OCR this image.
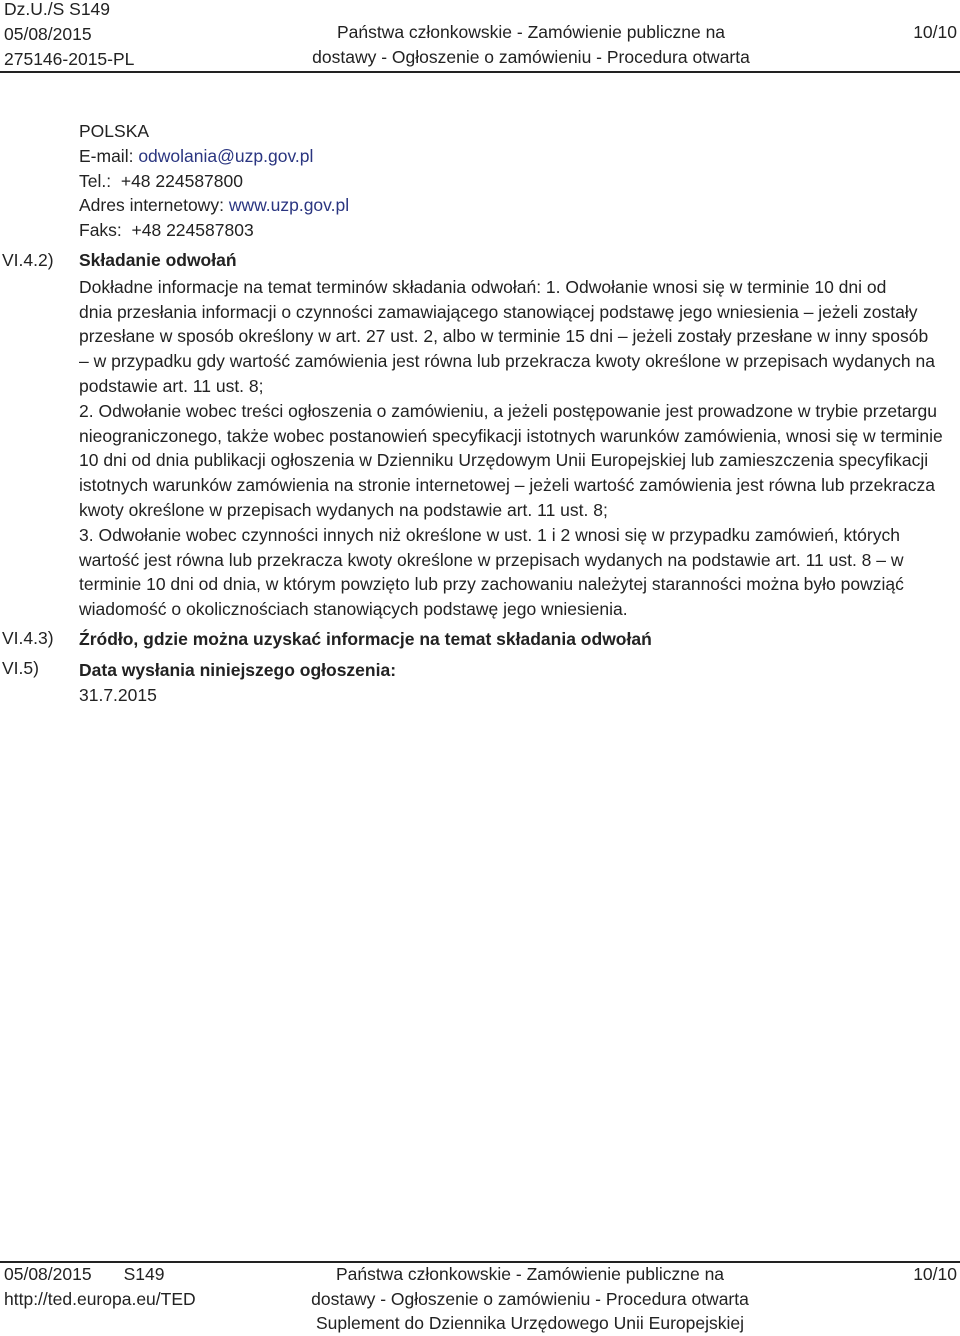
Dz.U./S S149
05/08/2015
275146-2015-PL
Państwa członkowskie - Zamówienie publiczne na
dostawy - Ogłoszenie o zamówieniu - Procedura otwarta
10/10
VI.4.2)
VI.4.3)
VI.5)
POLSKA
E-mail: odwolania@uzp.gov.pl
Tel.: +48 224587800
Adres internetowy: www.uzp.gov.pl
Faks: +48 224587803
Składanie odwołań
Dokładne informacje na temat terminów składania odwołań: 1. Odwołanie wnosi się w terminie 10 dni od
dnia przesłania informacji o czynności zamawiającego stanowiącej podstawę jego wniesienia – jeżeli zostały
przesłane w sposób określony w art. 27 ust. 2, albo w terminie 15 dni – jeżeli zostały przesłane w inny sposób
– w przypadku gdy wartość zamówienia jest równa lub przekracza kwoty określone w przepisach wydanych na
podstawie art. 11 ust. 8;
2. Odwołanie wobec treści ogłoszenia o zamówieniu, a jeżeli postępowanie jest prowadzone w trybie przetargu
nieograniczonego, także wobec postanowień specyfikacji istotnych warunków zamówienia, wnosi się w terminie
10 dni od dnia publikacji ogłoszenia w Dzienniku Urzędowym Unii Europejskiej lub zamieszczenia specyfikacji
istotnych warunków zamówienia na stronie internetowej – jeżeli wartość zamówienia jest równa lub przekracza
kwoty określone w przepisach wydanych na podstawie art. 11 ust. 8;
3. Odwołanie wobec czynności innych niż określone w ust. 1 i 2 wnosi się w przypadku zamówień, których
wartość jest równa lub przekracza kwoty określone w przepisach wydanych na podstawie art. 11 ust. 8 – w
terminie 10 dni od dnia, w którym powzięto lub przy zachowaniu należytej staranności można było powziąć
wiadomość o okolicznościach stanowiących podstawę jego wniesienia.
Źródło, gdzie można uzyskać informacje na temat składania odwołań
Data wysłania niniejszego ogłoszenia:
31.7.2015
05/08/2015 S149
http://ted.europa.eu/TED
Państwa członkowskie - Zamówienie publiczne na
dostawy - Ogłoszenie o zamówieniu - Procedura otwarta
Suplement do Dziennika Urzędowego Unii Europejskiej
10/10
